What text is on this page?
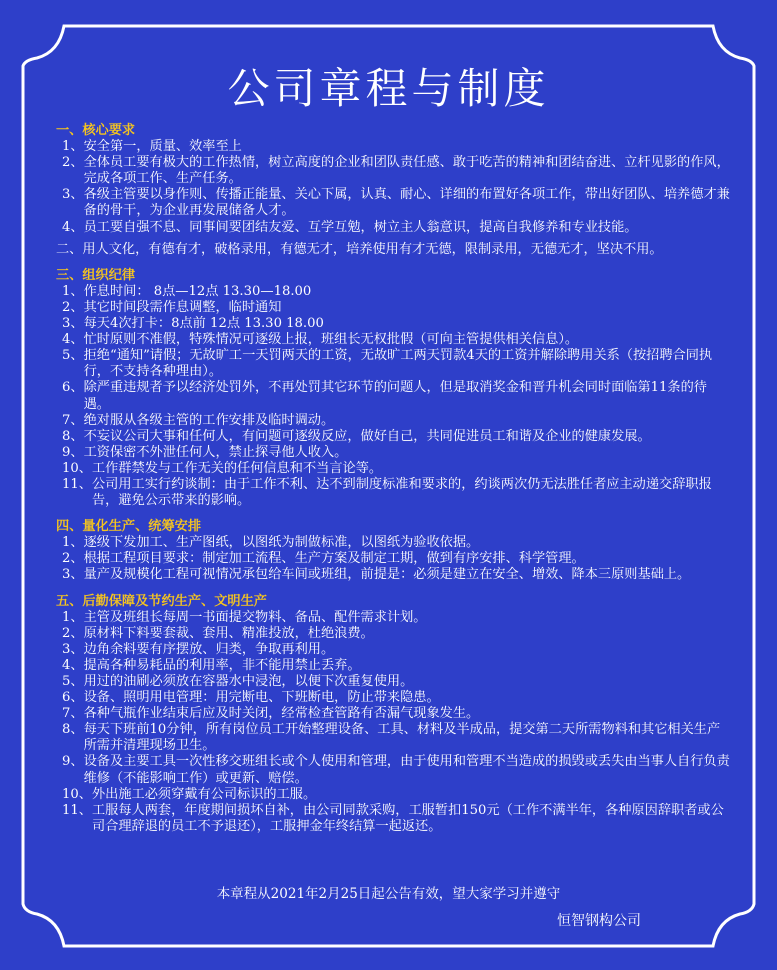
公司章程与制度
一、核心要求
1、 安全第一，质量、效率至上
2、 全体员工要有极大的工作热情，树立高度的企业和团队责任感、敢于吃苦的精神和团结奋进、立杆见影的作风，完成各项工作、生产任务。
3、 各级主管要以身作则、传播正能量、关心下属，认真、耐心、详细的布置好各项工作，带出好团队、培养德才兼备的骨干，为企业再发展储备人才。
4、 员工要自强不息、同事间要团结友爱、互学互勉，树立主人翁意识，提高自我修养和专业技能。
二、 用人文化，有德有才，破格录用，有德无才，培养使用有才无德，限制录用，无德无才，坚决不用。
三、组织纪律
1、 作息时间： 8点—12点 13.30—18.00
2、 其它时间段需作息调整，临时通知
3、 每天4次打卡：8点前 12点 13.30 18.00
4、 忙时原则不准假，特殊情况可逐级上报，班组长无权批假（可向主管提供相关信息）。
5、 拒绝“通知”请假；无故旷工一天罚两天的工资，无故旷工两天罚款4天的工资并解除聘用关系（按招聘合同执行，不支持各种理由）。
6、 除严重违规者予以经济处罚外，不再处罚其它环节的问题人，但是取消奖金和晋升机会同时面临第11条的待遇。
7、 绝对服从各级主管的工作安排及临时调动。
8、 不妄议公司大事和任何人，有问题可逐级反应，做好自己，共同促进员工和谐及企业的健康发展。
9、 工资保密不外泄任何人，禁止探寻他人收入。
10、 工作群禁发与工作无关的任何信息和不当言论等。
11、 公司用工实行约谈制：由于工作不利、达不到制度标准和要求的，约谈两次仍无法胜任者应主动递交辞职报告，避免公示带来的影响。
四、量化生产、统筹安排
1、 逐级下发加工、生产图纸，以图纸为制做标准，以图纸为验收依据。
2、 根据工程项目要求：制定加工流程、生产方案及制定工期，做到有序安排、科学管理。
3、 量产及规模化工程可视情况承包给车间或班组，前提是：必须是建立在安全、增效、降本三原则基础上。
五、后勤保障及节约生产、文明生产
1、 主管及班组长每周一书面提交物料、备品、配件需求计划。
2、 原材料下料要套裁、套用、精准投放，杜绝浪费。
3、 边角余料要有序摆放、归类，争取再利用。
4、 提高各种易耗品的利用率，非不能用禁止丢弃。
5、 用过的油刷必须放在容器水中浸泡，以便下次重复使用。
6、 设备、照明用电管理：用完断电、下班断电，防止带来隐患。
7、 各种气瓶作业结束后应及时关闭，经常检查管路有否漏气现象发生。
8、 每天下班前10分钟，所有岗位员工开始整理设备、工具、材料及半成品，提交第二天所需物料和其它相关生产所需并清理现场卫生。
9、 设备及主要工具一次性移交班组长或个人使用和管理，由于使用和管理不当造成的损毁或丢失由当事人自行负责维修（不能影响工作）或更新、赔偿。
10、 外出施工必须穿戴有公司标识的工服。
11、 工服每人两套，年度期间损坏自补，由公司同款采购，工服暂扣150元（工作不满半年，各种原因辞职者或公司合理辞退的员工不予退还），工服押金年终结算一起返还。
本章程从2021年2月25日起公告有效，望大家学习并遵守
恒智钢构公司
